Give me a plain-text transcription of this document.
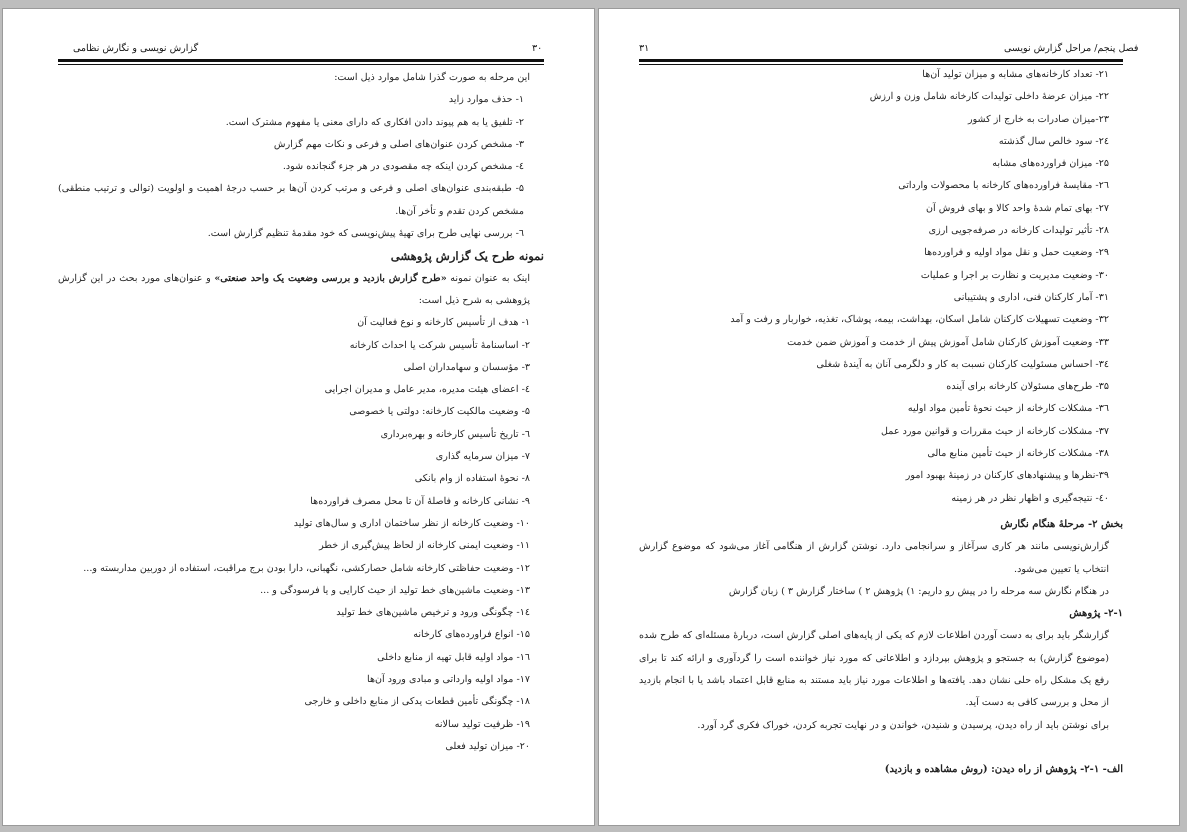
۳۰
گزارش نویسی و نگارش نظامی

این مرحله به صورت گذرا شامل موارد ذیل است:

۱- حذف موارد زاید

۲- تلفیق یا به هم پیوند دادن افکاری که دارای معنی یا مفهوم مشترک است.

۳- مشخص کردن عنوان‌های اصلی و فرعی و نکات مهم گزارش

٤- مشخص کردن اینکه چه مقصودی در هر جزء گنجانده شود.

۵- طبقه‌بندی عنوان‌های اصلی و فرعی و مرتب کردن آن‌ها بر حسب درجهٔ اهمیت و اولویت (توالی و ترتیب منطقی) مشخص کردن تقدم و تأخر آن‌ها.

٦- بررسی نهایی طرح برای تهیهٔ پیش‌نویسی که خود مقدمهٔ تنظیم گزارش است.

نمونه طرح یک گزارش پژوهشی

اینک به عنوان نمونه «طرح گزارش بازدید و بررسی وضعیت یک واحد صنعتی» و عنوان‌های مورد بحث در این گزارش پژوهشی به شرح ذیل است:

۱- هدف از تأسیس کارخانه و نوع فعالیت آن

۲- اساسنامهٔ تأسیس شرکت یا احداث کارخانه

۳- مؤسسان و سهامداران اصلی

٤- اعضای هیئت مدیره، مدیر عامل و مدیران اجرایی

۵- وضعیت مالکیت کارخانه: دولتی یا خصوصی

٦- تاریخ تأسیس کارخانه و بهره‌برداری

۷- میزان سرمایه گذاری

۸- نحوهٔ استفاده از وام بانکی

۹- نشانی کارخانه و فاصلهٔ آن تا محل مصرف فراورده‌ها

۱۰- وضعیت کارخانه از نظر ساختمان اداری و سال‌های تولید

۱۱- وضعیت ایمنی کارخانه از لحاظ پیش‌گیری از خطر

۱۲- وضعیت حفاظتی کارخانه شامل حصارکشی، نگهبانی، دارا بودن برج مراقبت، استفاده از دوربین مداربسته و...

۱۳- وضعیت ماشین‌های خط تولید از حیث کارایی و یا فرسودگی و ...

۱٤- چگونگی ورود و ترخیص ماشین‌های خط تولید

۱۵- انواع فراورده‌های کارخانه

۱٦- مواد اولیه قابل تهیه از منابع داخلی

۱۷- مواد اولیه وارداتی و مبادی ورود آن‌ها

۱۸- چگونگی تأمین قطعات یدکی از منابع داخلی و خارجی

۱۹- ظرفیت تولید سالانه

۲۰- میزان تولید فعلی

۳۱	فصل پنجم/ مراحل گزارش نویسی

۲۱- تعداد کارخانه‌های مشابه و میزان تولید آن‌ها

۲۲- میزان عرضهٔ داخلی تولیدات کارخانه شامل وزن و ارزش

۲۳-میزان صادرات به خارج از کشور

۲٤- سود خالص سال گذشته

۲۵- میزان فراورده‌های مشابه

۲٦- مقایسهٔ فراورده‌های کارخانه با محصولات وارداتی

۲۷- بهای تمام شدهٔ واحد کالا و بهای فروش آن

۲۸- تأثیر تولیدات کارخانه در صرفه‌جویی ارزی

۲۹- وضعیت حمل و نقل مواد اولیه و فراورده‌ها

۳۰- وضعیت مدیریت و نظارت بر اجرا و عملیات

۳۱- آمار کارکنان فنی، اداری و پشتیبانی

۳۲- وضعیت تسهیلات کارکنان شامل اسکان، بهداشت، بیمه، پوشاک، تغذیه، خواربار و رفت و آمد

۳۳- وضعیت آموزش کارکنان شامل آموزش پیش از خدمت و آموزش ضمن خدمت

۳٤- احساس مسئولیت کارکنان نسبت به کار و دلگرمی آنان به آیندهٔ شغلی

۳۵- طرح‌های مسئولان کارخانه برای آینده

۳٦- مشکلات کارخانه از حیث نحوهٔ تأمین مواد اولیه

۳۷- مشکلات کارخانه از حیث مقررات و قوانین مورد عمل

۳۸- مشکلات کارخانه از حیث تأمین منابع مالی

۳۹-نظرها و پیشنهادهای کارکنان در زمینهٔ بهبود امور

٤۰- نتیجه‌گیری و اظهار نظر در هر زمینه

بخش ۲- مرحلهٔ هنگام نگارش

گزارش‌نویسی مانند هر کاری سرآغاز و سرانجامی دارد. نوشتن گزارش از هنگامی آغاز می‌شود که موضوع گزارش انتخاب یا تعیین می‌شود.

در هنگام نگارش سه مرحله را در پیش رو داریم: ۱) پژوهش ۲ ) ساختار گزارش ۳ ) زبان گزارش

۲-۱- پژوهش

گزارشگر باید برای به دست آوردن اطلاعات لازم که یکی از پایه‌های اصلی گزارش است، دربارهٔ مسئله‌ای که طرح شده (موضوع گزارش) به جستجو و پژوهش بپردازد و اطلاعاتی که مورد نیاز خواننده است را گردآوری و ارائه کند تا برای رفع یک مشکل راه حلی نشان دهد. یافته‌ها و اطلاعات مورد نیاز باید مستند به منابع قابل اعتماد باشد یا با انجام بازدید از محل و بررسی کافی به دست آید.

برای نوشتن باید از راه دیدن، پرسیدن و شنیدن، خواندن و در نهایت تجربه کردن، خوراک فکری گرد آورد.

الف- ۱-۲- پژوهش از راه دیدن: (روش مشاهده و بازدید)
